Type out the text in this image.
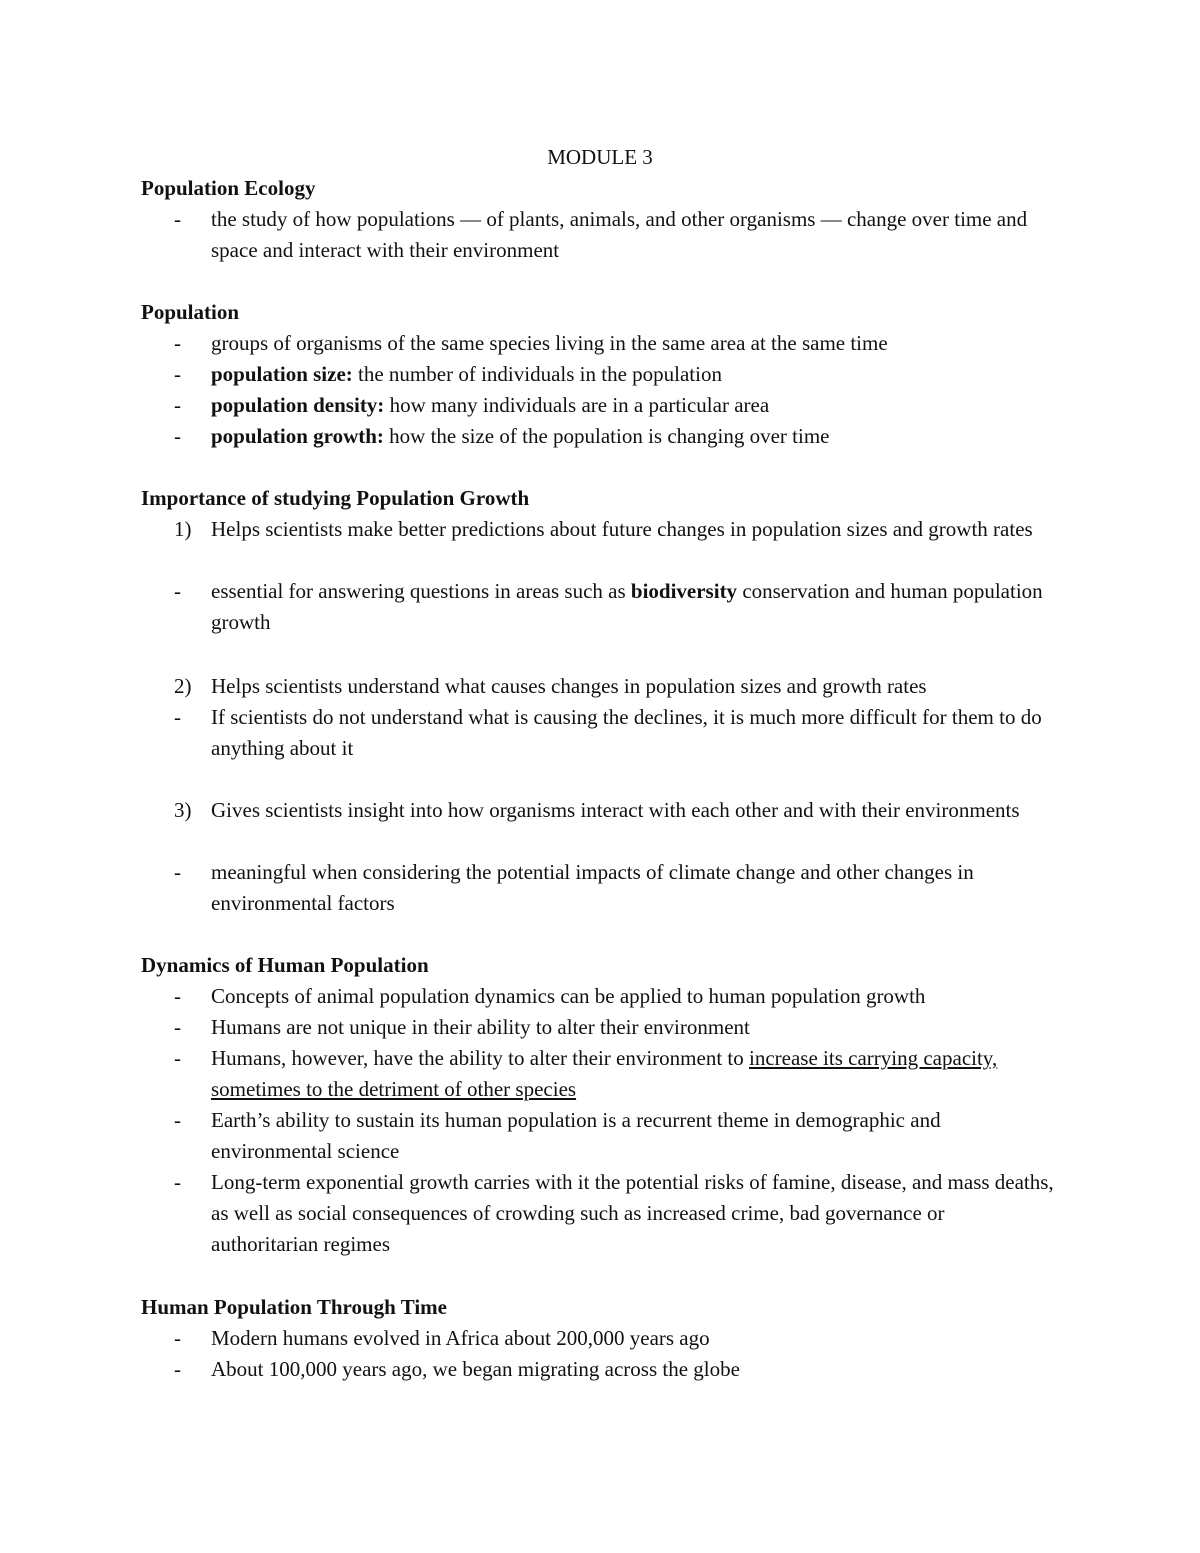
MODULE 3
Population Ecology
- the study of how populations — of plants, animals, and other organisms — change over time and space and interact with their environment
Population
- groups of organisms of the same species living in the same area at the same time
- population size: the number of individuals in the population
- population density: how many individuals are in a particular area
- population growth: how the size of the population is changing over time
Importance of studying Population Growth
1) Helps scientists make better predictions about future changes in population sizes and growth rates
- essential for answering questions in areas such as biodiversity conservation and human population growth
2) Helps scientists understand what causes changes in population sizes and growth rates
- If scientists do not understand what is causing the declines, it is much more difficult for them to do anything about it
3) Gives scientists insight into how organisms interact with each other and with their environments
- meaningful when considering the potential impacts of climate change and other changes in environmental factors
Dynamics of Human Population
- Concepts of animal population dynamics can be applied to human population growth
- Humans are not unique in their ability to alter their environment
- Humans, however, have the ability to alter their environment to increase its carrying capacity, sometimes to the detriment of other species
- Earth’s ability to sustain its human population is a recurrent theme in demographic and environmental science
- Long-term exponential growth carries with it the potential risks of famine, disease, and mass deaths, as well as social consequences of crowding such as increased crime, bad governance or authoritarian regimes
Human Population Through Time
- Modern humans evolved in Africa about 200,000 years ago
- About 100,000 years ago, we began migrating across the globe
